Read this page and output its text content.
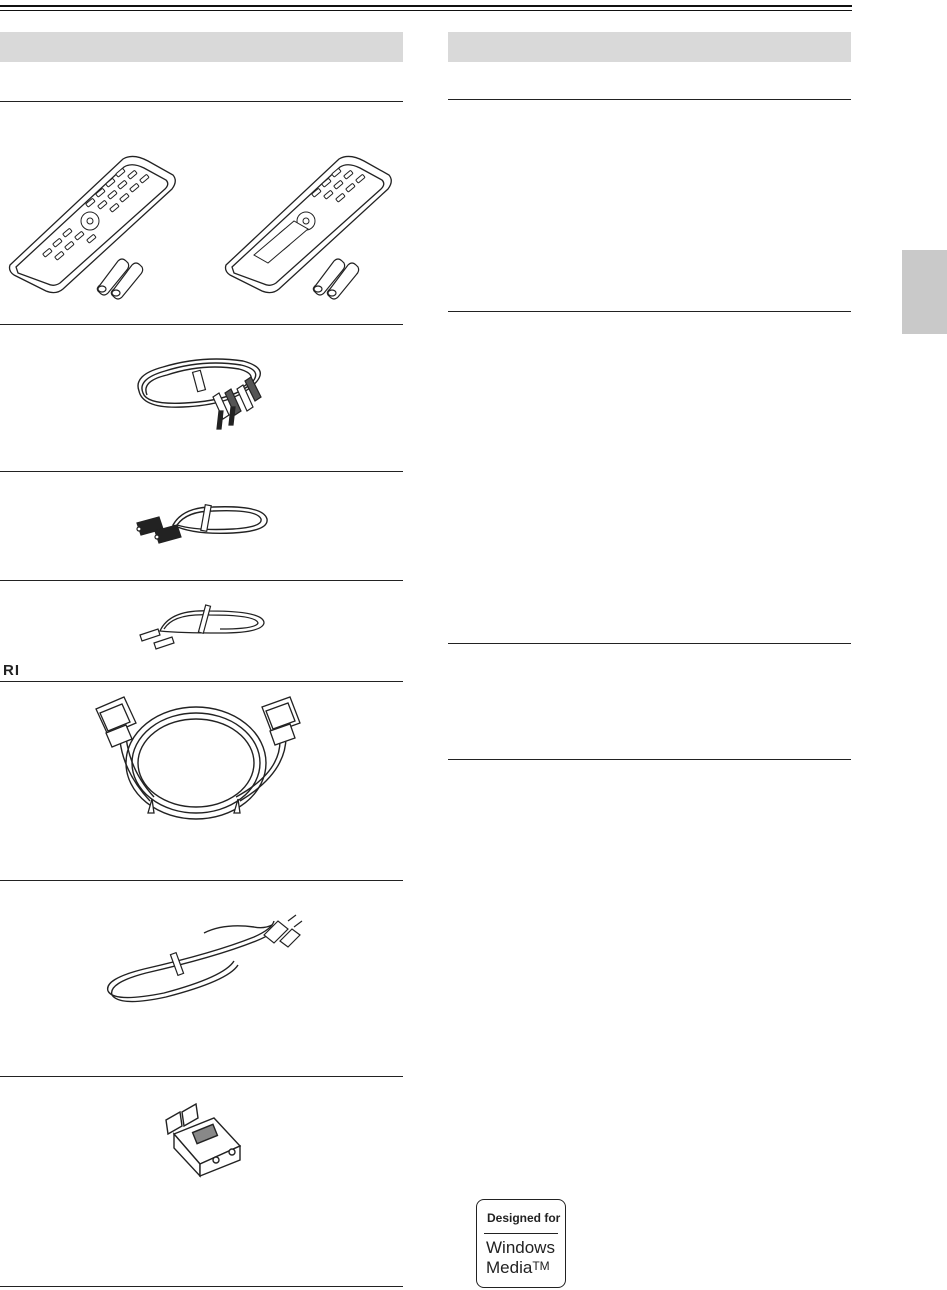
RI
Designed for
Windows
MediaTM
